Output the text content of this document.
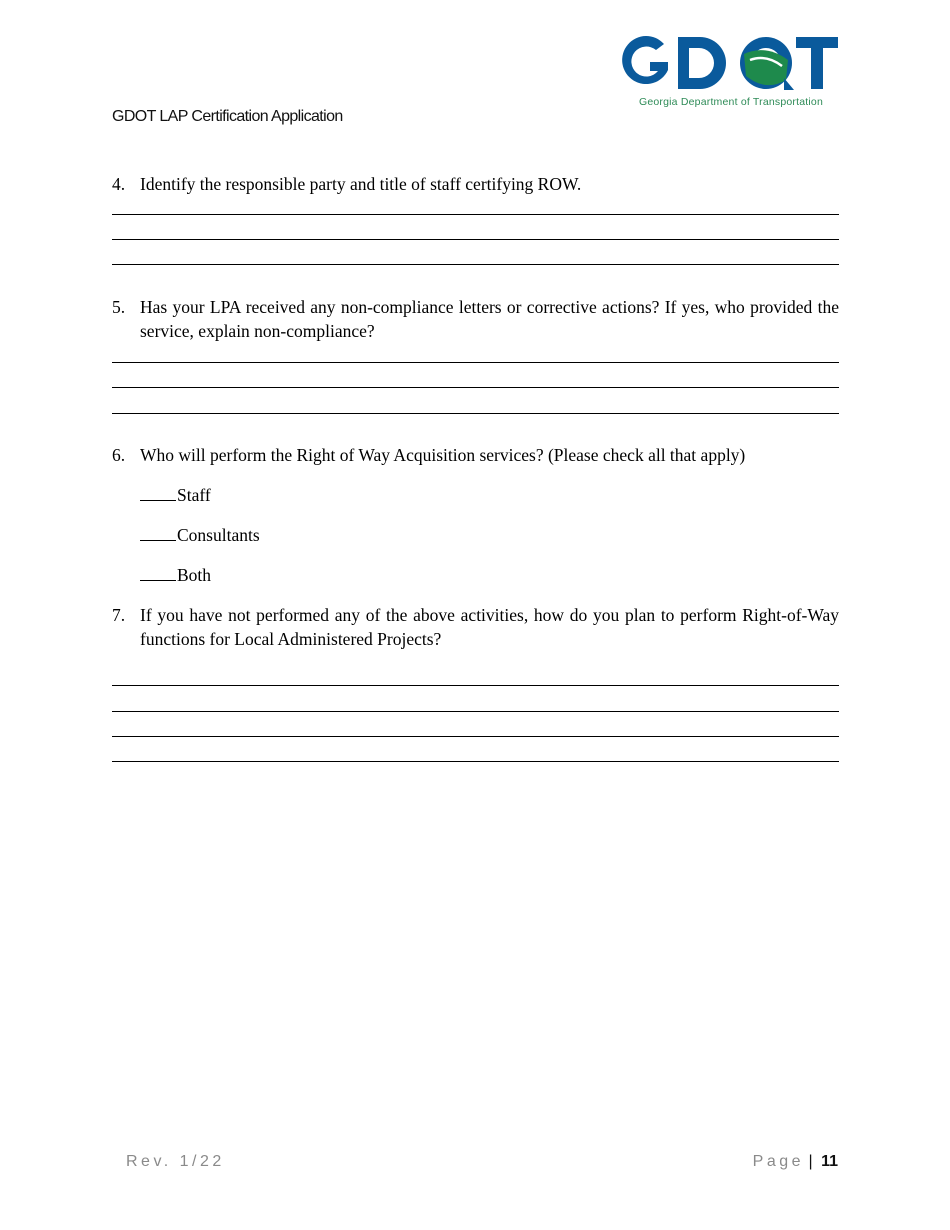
GDOT LAP Certification Application
Georgia Department of Transportation
4. Identify the responsible party and title of staff certifying ROW.
5. Has your LPA received any non-compliance letters or corrective actions? If yes, who provided the service, explain non-compliance?
6. Who will perform the Right of Way Acquisition services? (Please check all that apply)
Staff
Consultants
Both
7. If you have not performed any of the above activities, how do you plan to perform Right-of-Way functions for Local Administered Projects?
Rev. 1/22	Page | 11
